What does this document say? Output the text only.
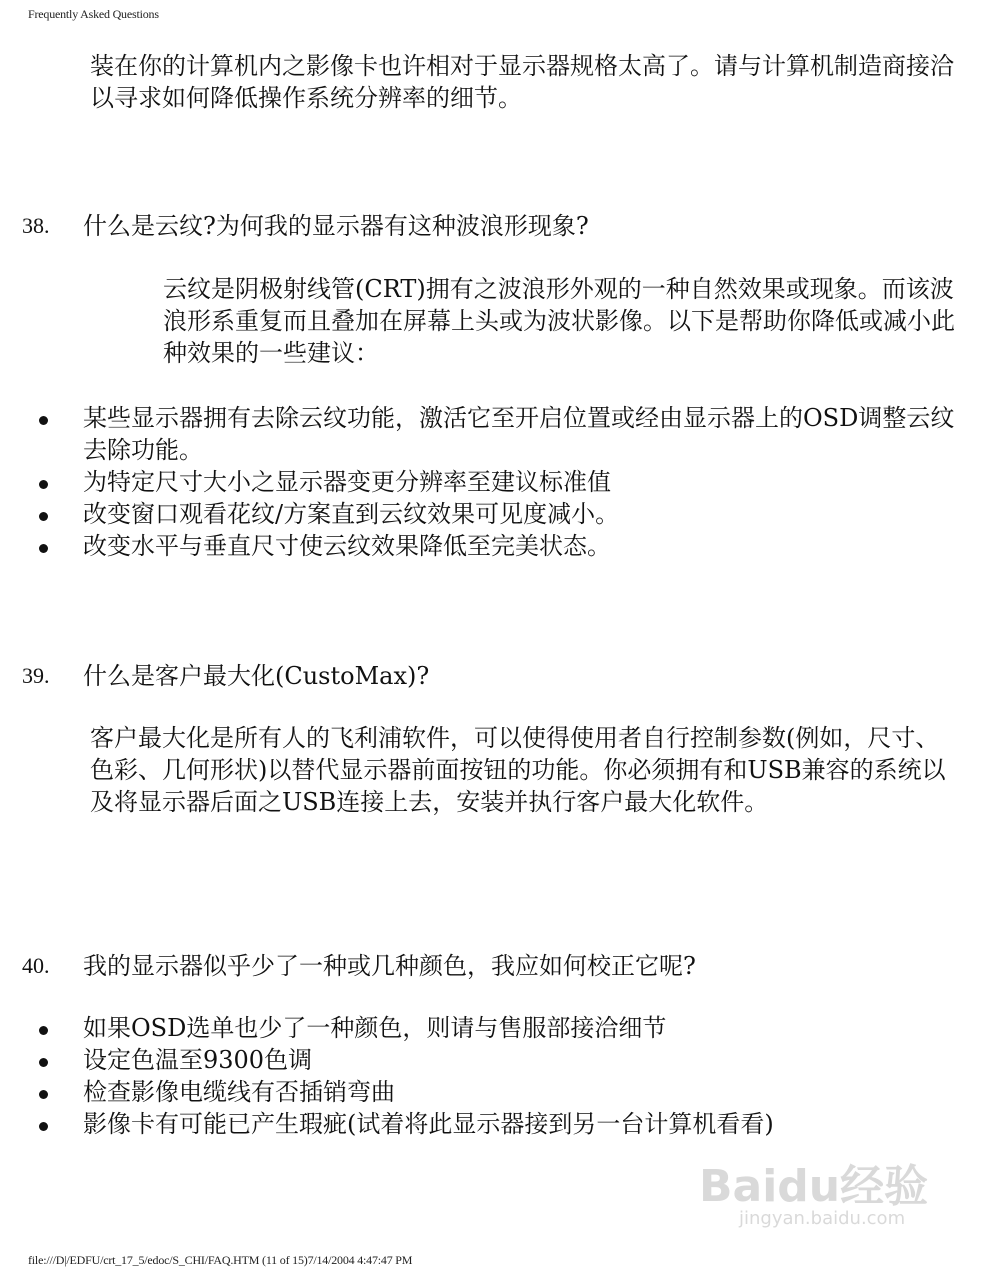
Frequently Asked Questions

装在你的计算机内之影像卡也许相对于显示器规格太高了。请与计算机制造商接洽以寻求如何降低操作系统分辨率的细节。

38. 什么是云纹?为何我的显示器有这种波浪形现象?

云纹是阴极射线管(CRT)拥有之波浪形外观的一种自然效果或现象。而该波浪形系重复而且叠加在屏幕上头或为波状影像。以下是帮助你降低或减小此种效果的一些建议：

某些显示器拥有去除云纹功能，激活它至开启位置或经由显示器上的OSD调整云纹去除功能。
为特定尺寸大小之显示器变更分辨率至建议标准值
改变窗口观看花纹/方案直到云纹效果可见度减小。
改变水平与垂直尺寸使云纹效果降低至完美状态。
39. 什么是客户最大化(CustoMax)?

客户最大化是所有人的飞利浦软件，可以使得使用者自行控制参数(例如，尺寸、色彩、几何形状)以替代显示器前面按钮的功能。你必须拥有和USB兼容的系统以及将显示器后面之USB连接上去，安装并执行客户最大化软件。

40. 我的显示器似乎少了一种或几种颜色，我应如何校正它呢?
如果OSD选单也少了一种颜色，则请与售服部接洽细节
设定色温至9300色调
检查影像电缆线有否插销弯曲
影像卡有可能已产生瑕疵(试着将此显示器接到另一台计算机看看)
Baidu经验
jingyan.baidu.com
file:///D|/EDFU/crt_17_5/edoc/S_CHI/FAQ.HTM (11 of 15)7/14/2004 4:47:47 PM
